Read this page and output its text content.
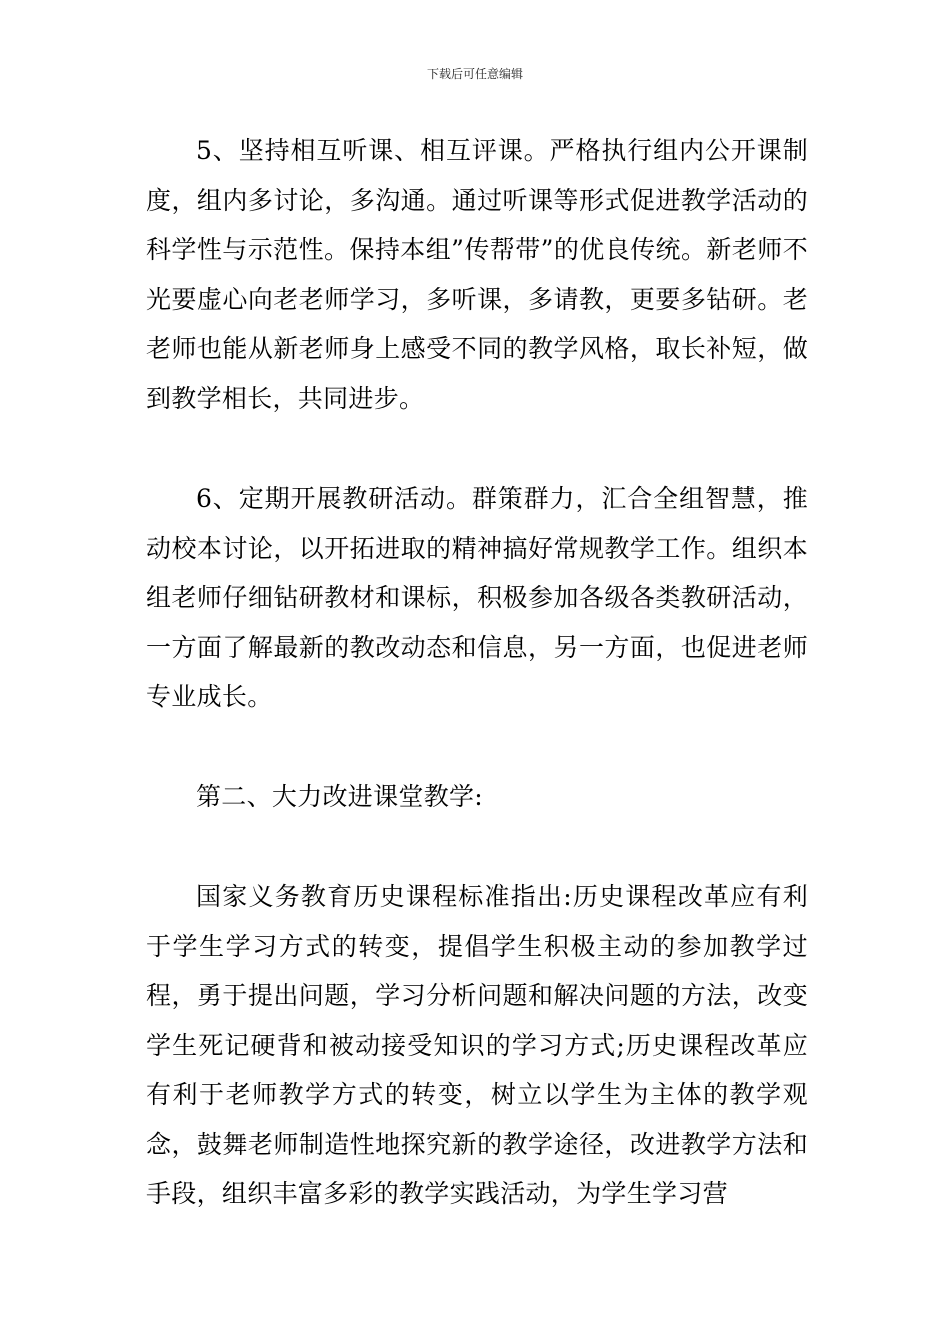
下载后可任意编辑

5、坚持相互听课、相互评课。严格执行组内公开课制度，组内多讨论，多沟通。通过听课等形式促进教学活动的科学性与示范性。保持本组”传帮带”的优良传统。新老师不光要虚心向老老师学习，多听课，多请教，更要多钻研。老老师也能从新老师身上感受不同的教学风格，取长补短，做到教学相长，共同进步。

6、定期开展教研活动。群策群力，汇合全组智慧，推动校本讨论，以开拓进取的精神搞好常规教学工作。组织本组老师仔细钻研教材和课标，积极参加各级各类教研活动，一方面了解最新的教改动态和信息，另一方面，也促进老师专业成长。

第二、大力改进课堂教学:

国家义务教育历史课程标准指出:历史课程改革应有利于学生学习方式的转变，提倡学生积极主动的参加教学过程，勇于提出问题，学习分析问题和解决问题的方法，改变学生死记硬背和被动接受知识的学习方式;历史课程改革应有利于老师教学方式的转变，树立以学生为主体的教学观念，鼓舞老师制造性地探究新的教学途径，改进教学方法和手段，组织丰富多彩的教学实践活动，为学生学习营
